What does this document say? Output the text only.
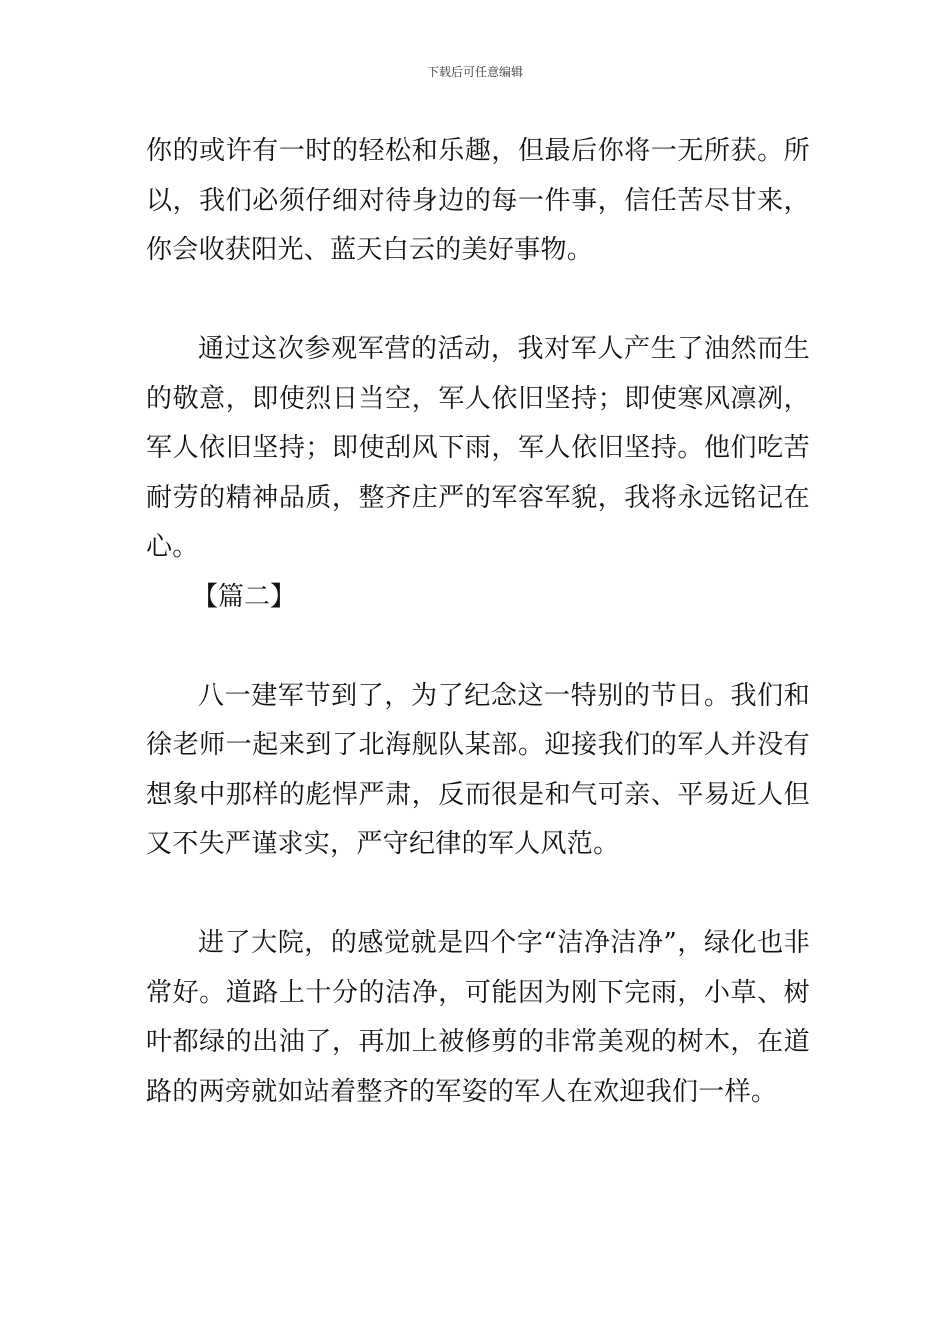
下载后可任意编辑

你的或许有一时的轻松和乐趣，但最后你将一无所获。所以，我们必须仔细对待身边的每一件事，信任苦尽甘来，你会收获阳光、蓝天白云的美好事物。

通过这次参观军营的活动，我对军人产生了油然而生的敬意，即使烈日当空，军人依旧坚持；即使寒风凛冽，军人依旧坚持；即使刮风下雨，军人依旧坚持。他们吃苦耐劳的精神品质，整齐庄严的军容军貌，我将永远铭记在心。

【篇二】

八一建军节到了，为了纪念这一特别的节日。我们和徐老师一起来到了北海舰队某部。迎接我们的军人并没有想象中那样的彪悍严肃，反而很是和气可亲、平易近人但又不失严谨求实，严守纪律的军人风范。

进了大院，的感觉就是四个字“洁净洁净”，绿化也非常好。道路上十分的洁净，可能因为刚下完雨，小草、树叶都绿的出油了，再加上被修剪的非常美观的树木，在道路的两旁就如站着整齐的军姿的军人在欢迎我们一样。
